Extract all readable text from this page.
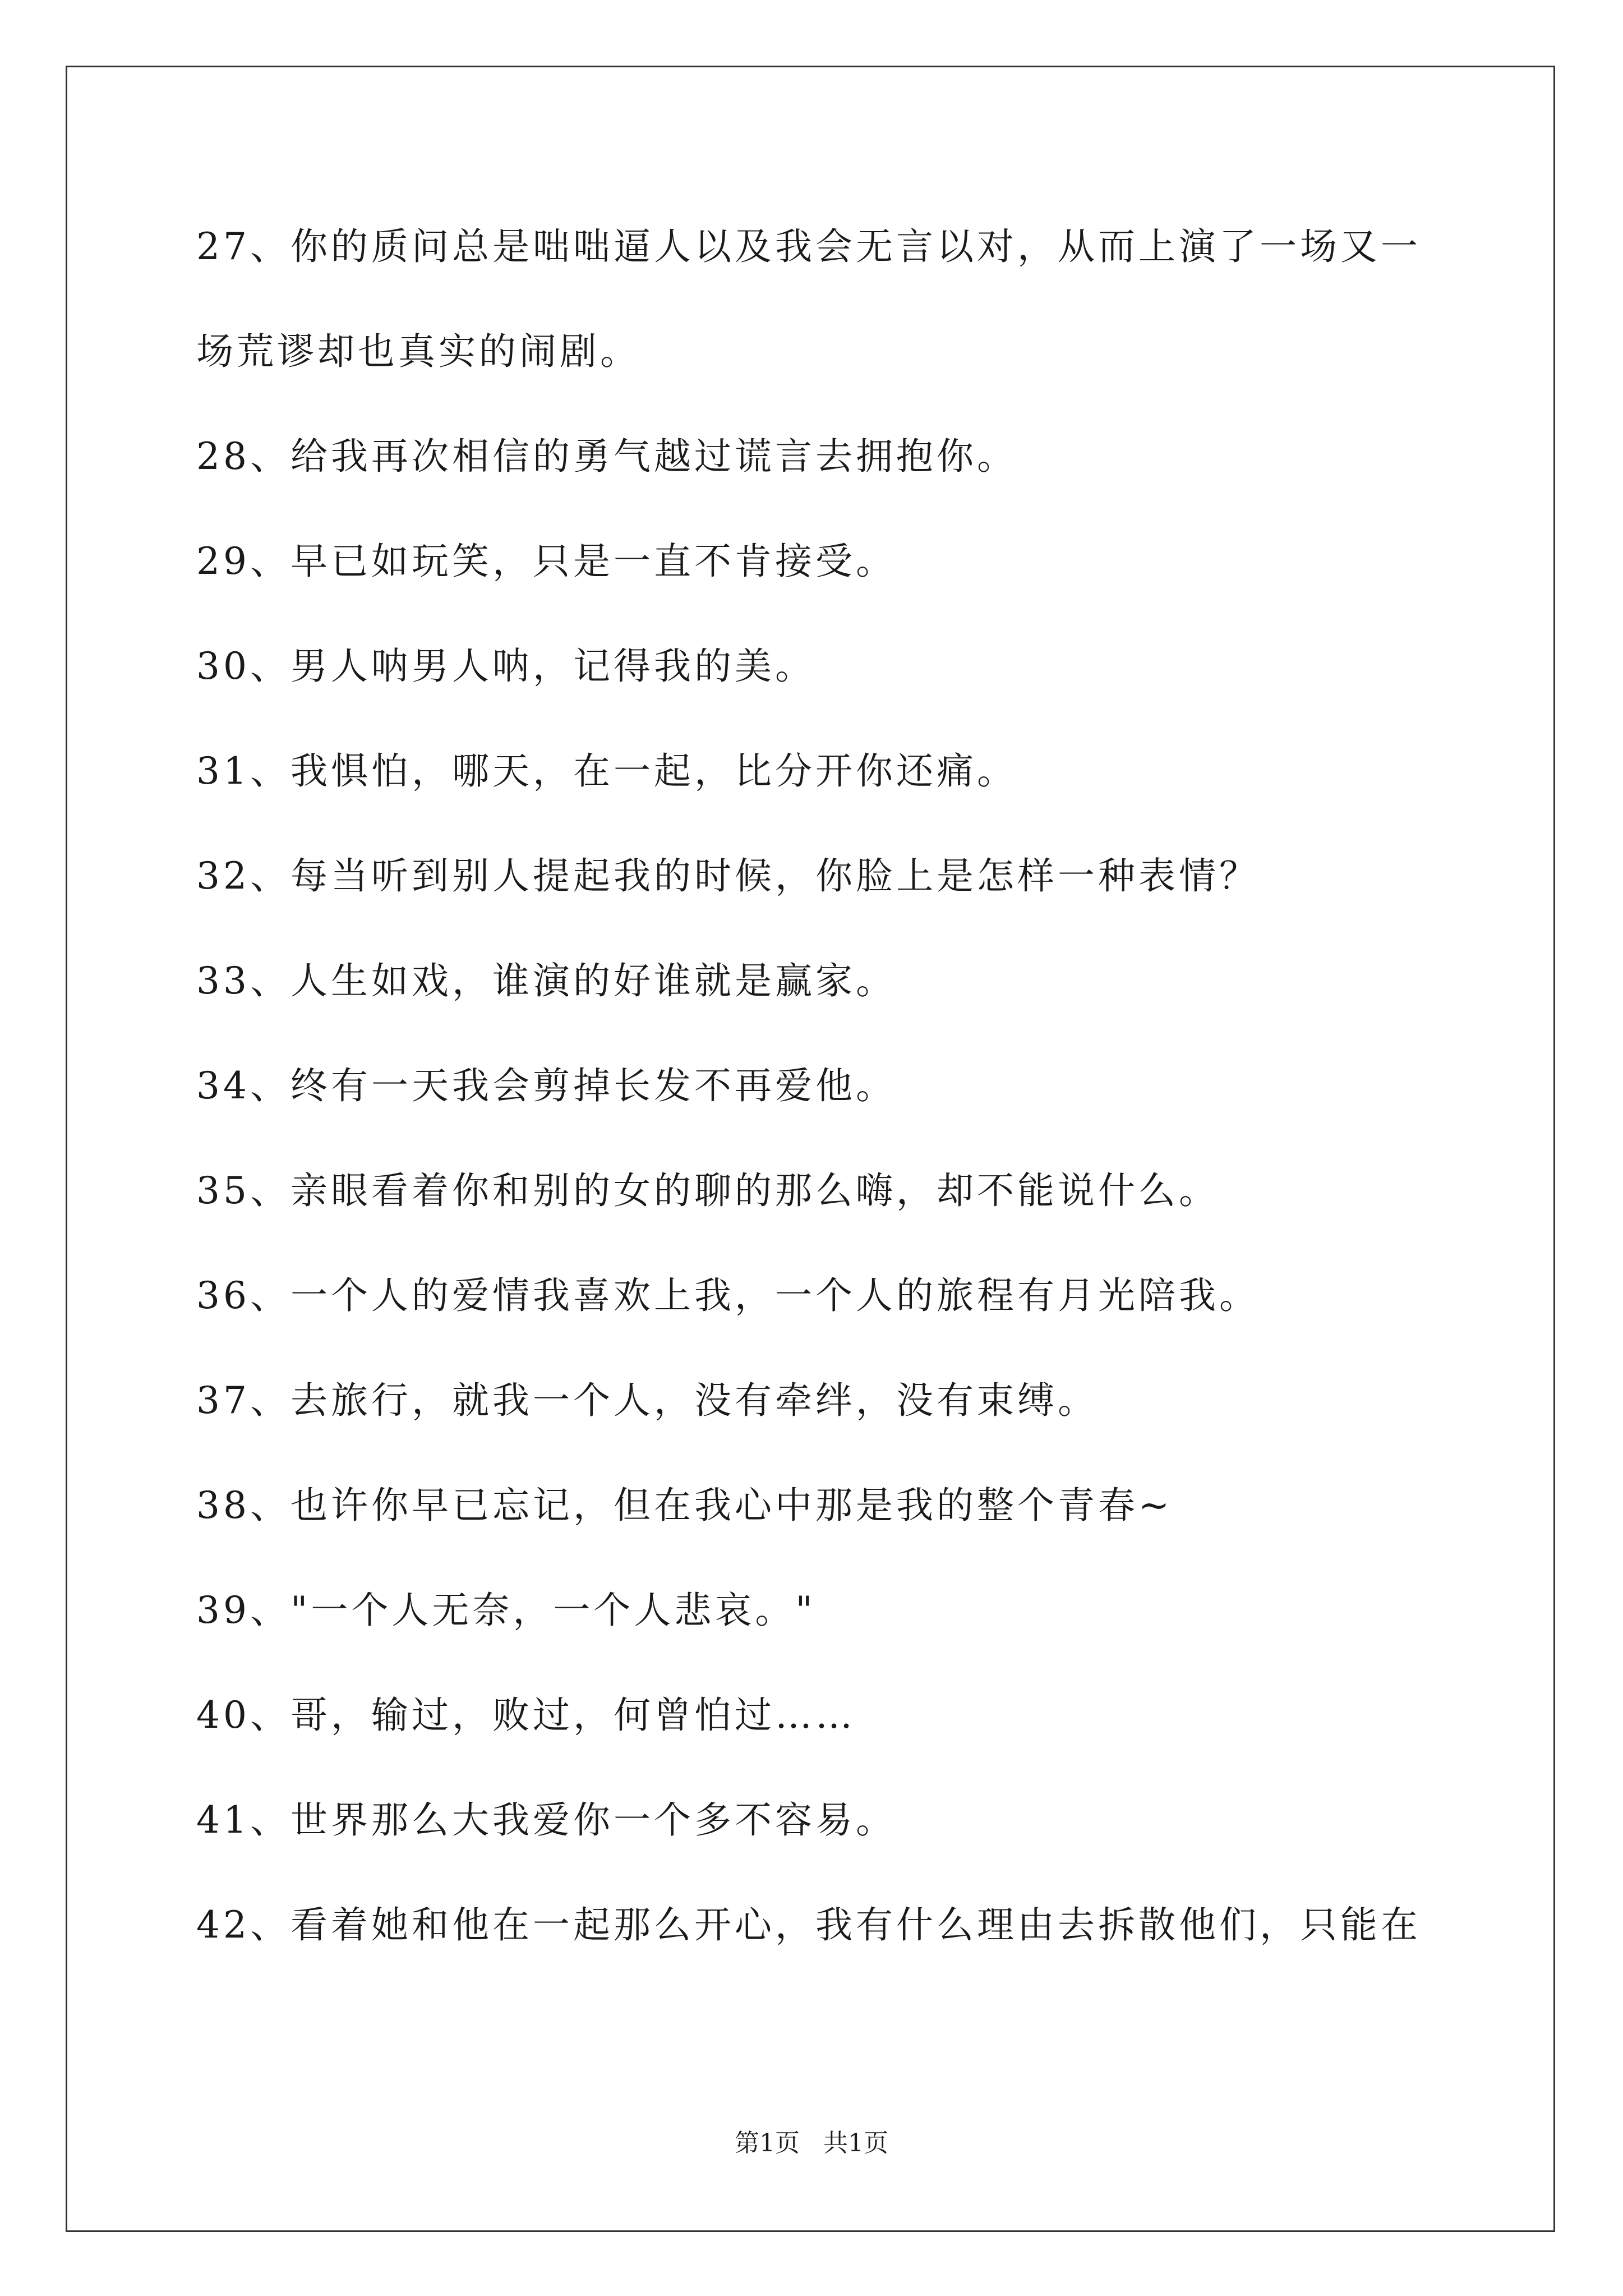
27、你的质问总是咄咄逼人以及我会无言以对，从而上演了一场又一
场荒谬却也真实的闹剧。
28、给我再次相信的勇气越过谎言去拥抱你。
29、早已如玩笑，只是一直不肯接受。
30、男人呐男人呐，记得我的美。
31、我惧怕，哪天，在一起，比分开你还痛。
32、每当听到别人提起我的时候，你脸上是怎样一种表情？
33、人生如戏，谁演的好谁就是赢家。
34、终有一天我会剪掉长发不再爱他。
35、亲眼看着你和别的女的聊的那么嗨，却不能说什么。
36、一个人的爱情我喜欢上我，一个人的旅程有月光陪我。
37、去旅行，就我一个人，没有牵绊，没有束缚。
38、也许你早已忘记，但在我心中那是我的整个青春~
39、"一个人无奈，一个人悲哀。"
40、哥，输过，败过，何曾怕过……
41、世界那么大我爱你一个多不容易。
42、看着她和他在一起那么开心，我有什么理由去拆散他们，只能在
第1页 共1页
